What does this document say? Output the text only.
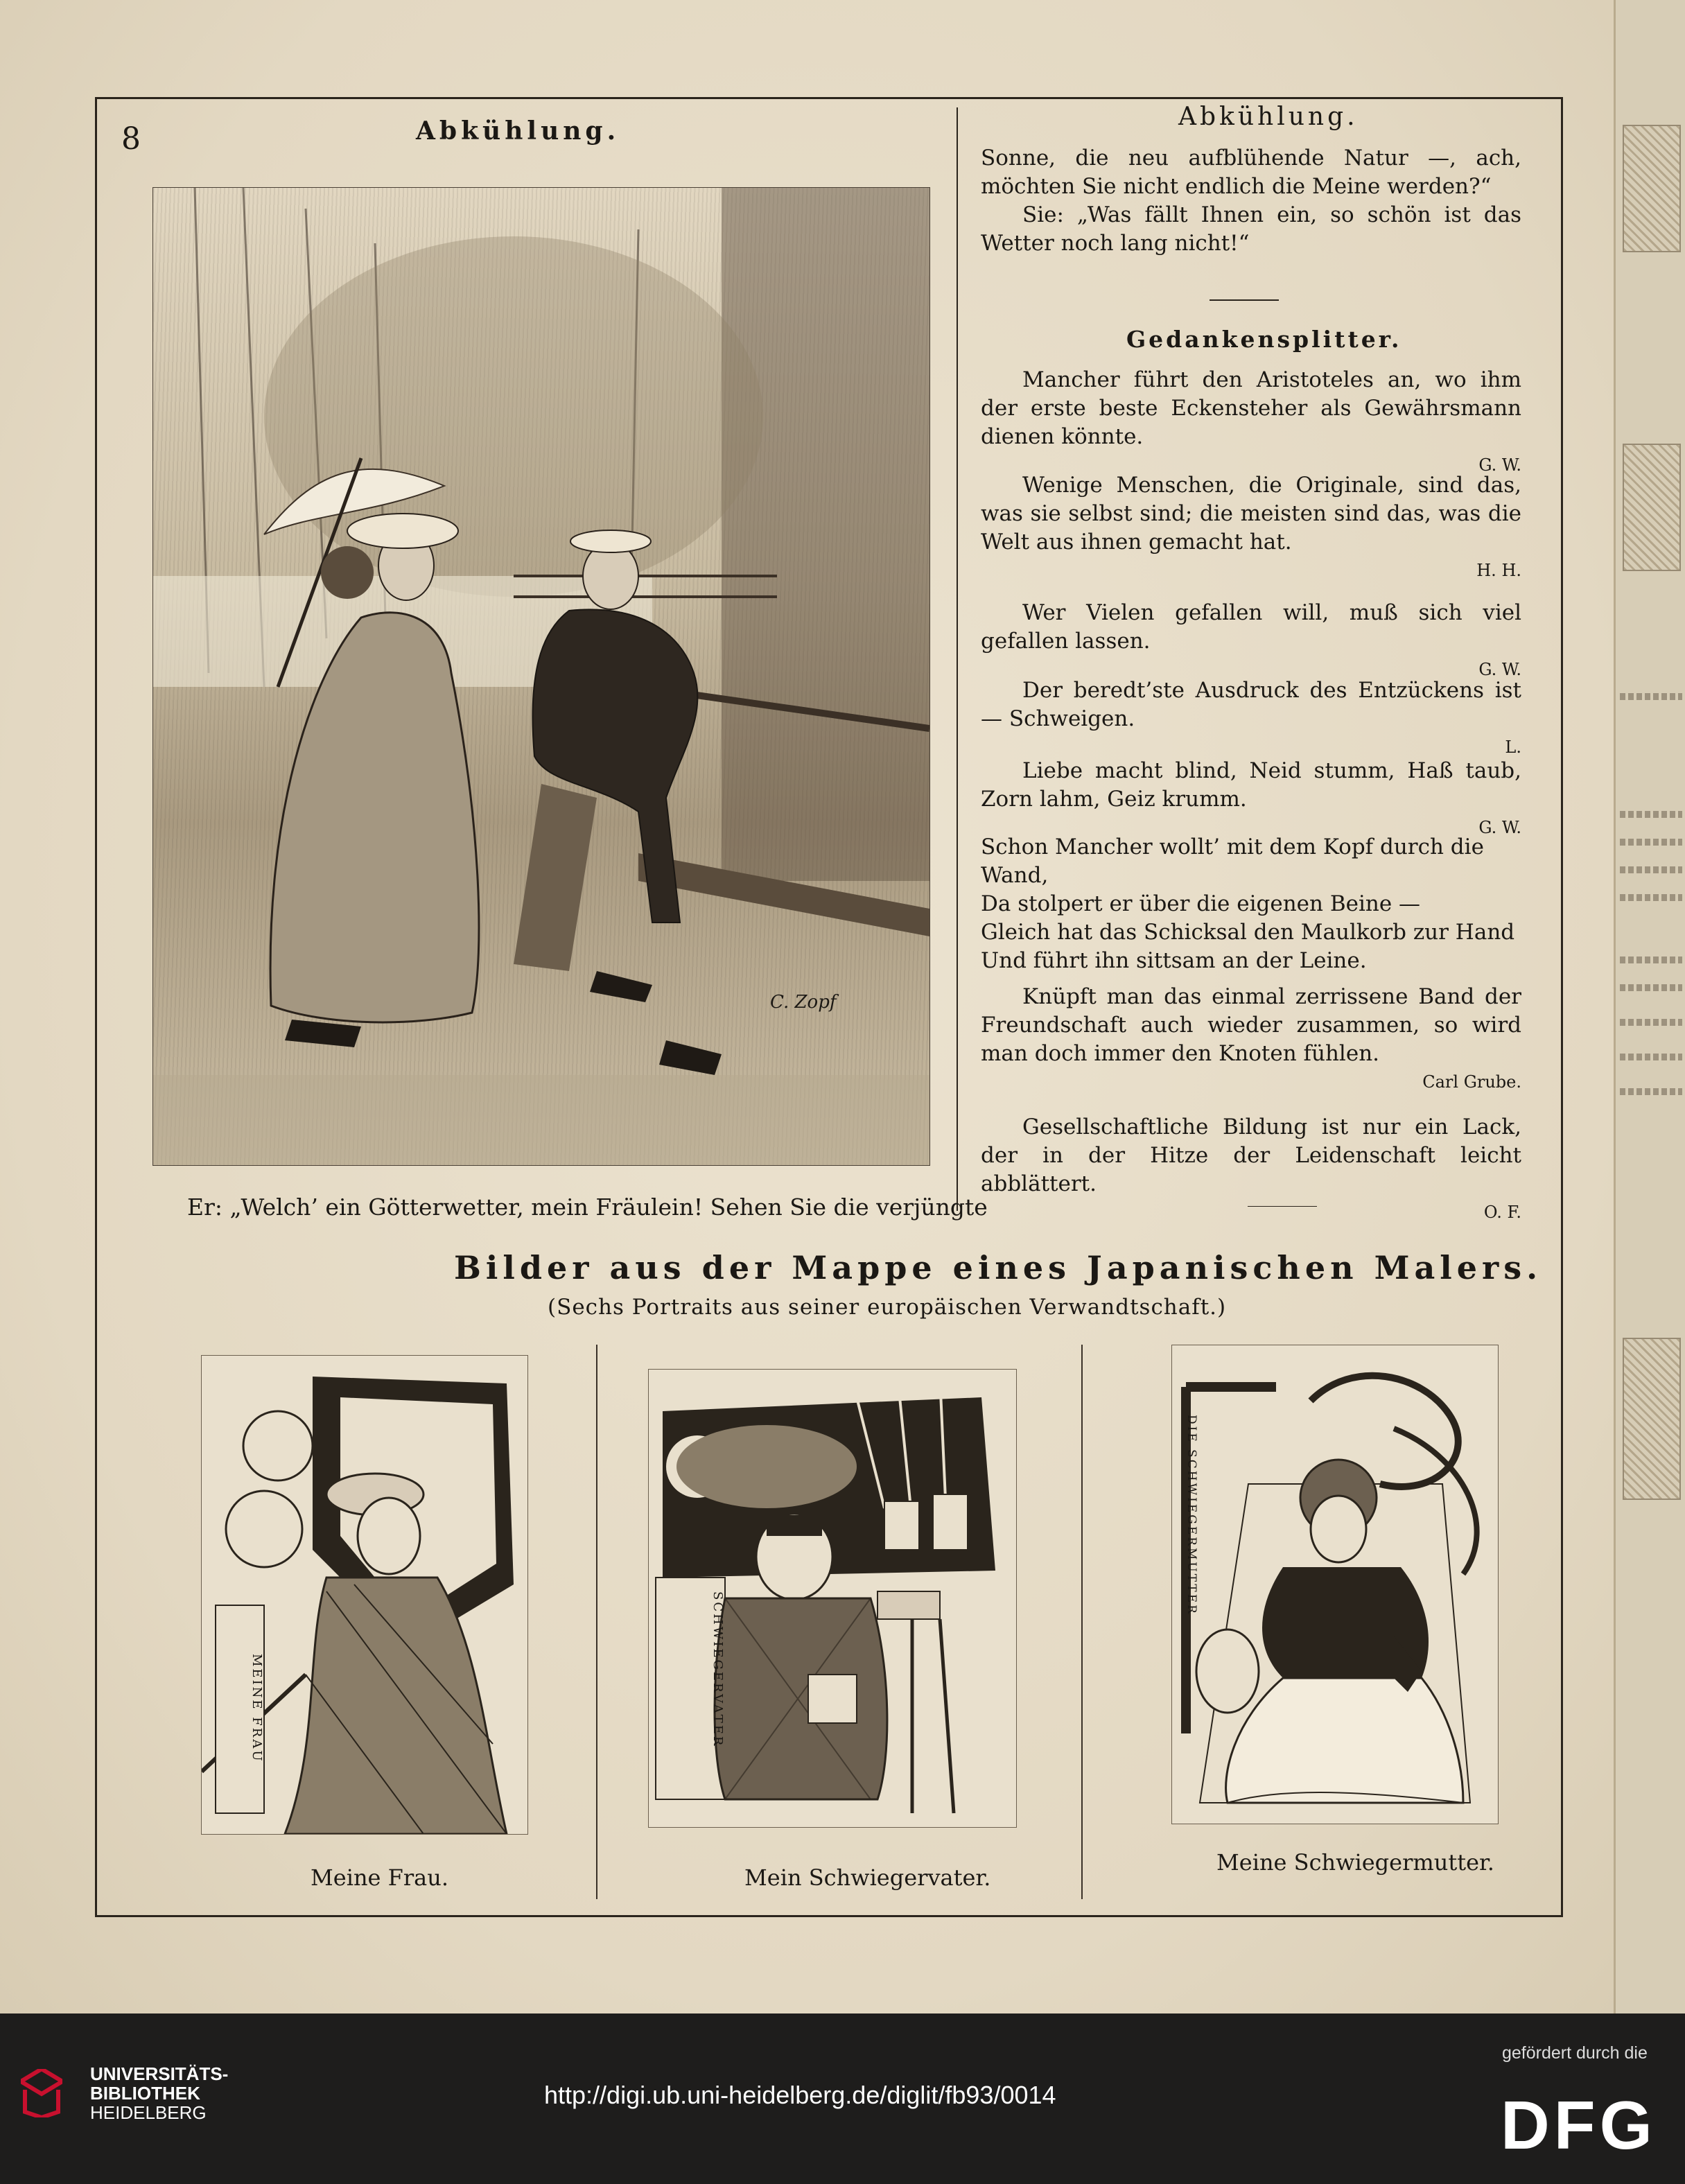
8	Abkühlung.	Abkühlung.
C. Zopf
Er: „Welch’ ein Götterwetter, mein Fräulein! Sehen Sie die verjüngte

Sonne, die neu aufblühende Natur —, ach, möchten Sie nicht endlich die Meine werden?“

Sie: „Was fällt Ihnen ein, so schön ist das Wetter noch lang nicht!“

Gedankensplitter.

Mancher führt den Aristoteles an, wo ihm der erste beste Eckensteher als Gewährsmann dienen könnte.

G. W.

Wenige Menschen, die Originale, sind das, was sie selbst sind; die meisten sind das, was die Welt aus ihnen gemacht hat.

H. H.

Wer Vielen gefallen will, muß sich viel gefallen lassen.

G. W.

Der beredt’ste Ausdruck des Entzückens ist — Schweigen.

L.

Liebe macht blind, Neid stumm, Haß taub, Zorn lahm, Geiz krumm.

G. W.

Schon Mancher wollt’ mit dem Kopf durch die Wand,

Da stolpert er über die eigenen Beine —

Gleich hat das Schicksal den Maulkorb zur Hand

Und führt ihn sittsam an der Leine.

Knüpft man das einmal zerrissene Band der Freundschaft auch wieder zusammen, so wird man doch immer den Knoten fühlen.

Carl Grube.

Gesellschaftliche Bildung ist nur ein Lack, der in der Hitze der Leidenschaft leicht abblättert.

O. F.
Bilder aus der Mappe eines Japanischen Malers.
(Sechs Portraits aus seiner europäischen Verwandtschaft.)
MEINE FRAU
Meine Frau.
SCHWIEGERVATER
Mein Schwiegervater.
DIE SCHWIEGERMUTTER
Meine Schwiegermutter.
UNIVERSITÄTS-
BIBLIOTHEK
HEIDELBERG
http://digi.ub.uni-heidelberg.de/diglit/fb93/0014
gefördert durch die
DFG
